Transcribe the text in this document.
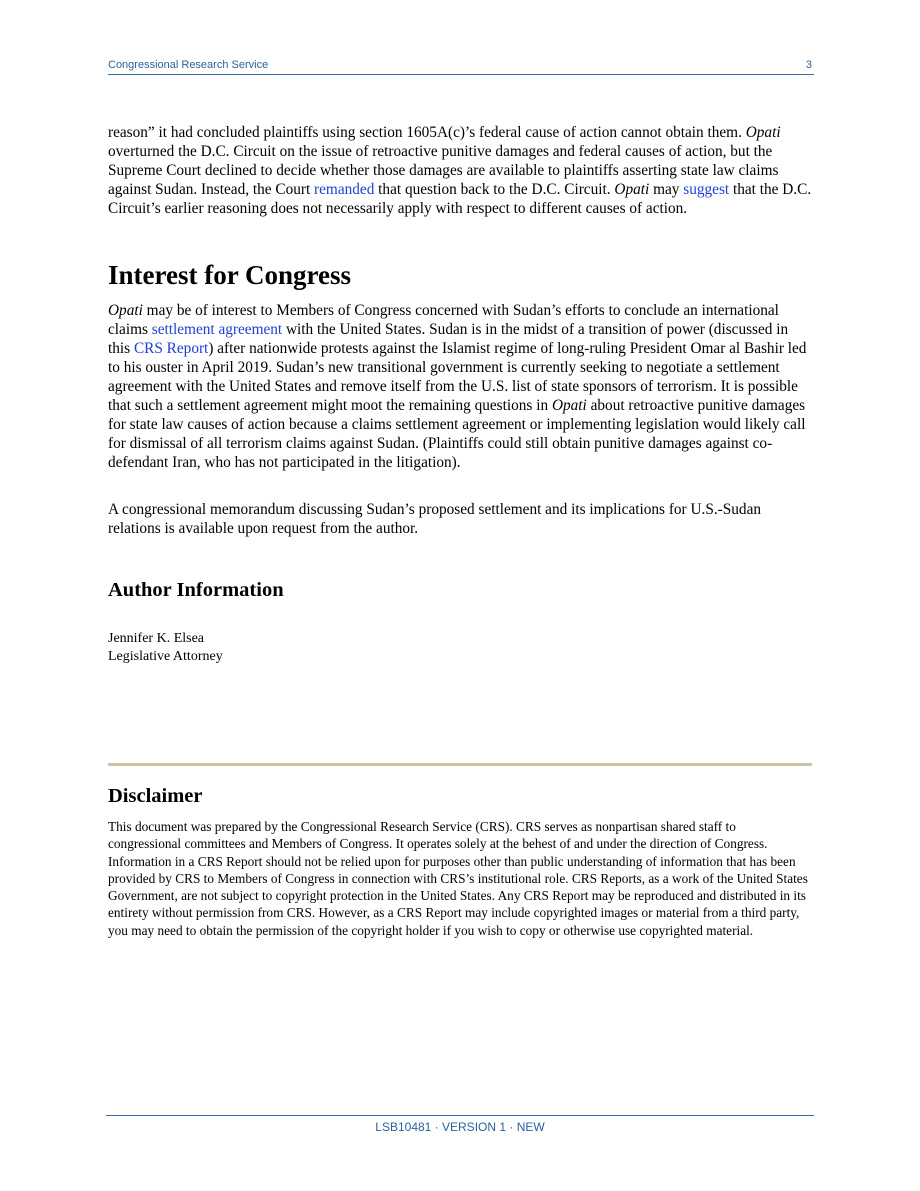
Congressional Research Service	3

reason” it had concluded plaintiffs using section 1605A(c)’s federal cause of action cannot obtain them. Opati overturned the D.C. Circuit on the issue of retroactive punitive damages and federal causes of action, but the Supreme Court declined to decide whether those damages are available to plaintiffs asserting state law claims against Sudan. Instead, the Court remanded that question back to the D.C. Circuit. Opati may suggest that the D.C. Circuit’s earlier reasoning does not necessarily apply with respect to different causes of action.

Interest for Congress

Opati may be of interest to Members of Congress concerned with Sudan’s efforts to conclude an international claims settlement agreement with the United States. Sudan is in the midst of a transition of power (discussed in this CRS Report) after nationwide protests against the Islamist regime of long-ruling President Omar al Bashir led to his ouster in April 2019. Sudan’s new transitional government is currently seeking to negotiate a settlement agreement with the United States and remove itself from the U.S. list of state sponsors of terrorism. It is possible that such a settlement agreement might moot the remaining questions in Opati about retroactive punitive damages for state law causes of action because a claims settlement agreement or implementing legislation would likely call for dismissal of all terrorism claims against Sudan. (Plaintiffs could still obtain punitive damages against co-defendant Iran, who has not participated in the litigation).

A congressional memorandum discussing Sudan’s proposed settlement and its implications for U.S.-Sudan relations is available upon request from the author.

Author Information
Jennifer K. Elsea
Legislative Attorney
Disclaimer

This document was prepared by the Congressional Research Service (CRS). CRS serves as nonpartisan shared staff to congressional committees and Members of Congress. It operates solely at the behest of and under the direction of Congress. Information in a CRS Report should not be relied upon for purposes other than public understanding of information that has been provided by CRS to Members of Congress in connection with CRS’s institutional role. CRS Reports, as a work of the United States Government, are not subject to copyright protection in the United States. Any CRS Report may be reproduced and distributed in its entirety without permission from CRS. However, as a CRS Report may include copyrighted images or material from a third party, you may need to obtain the permission of the copyright holder if you wish to copy or otherwise use copyrighted material.

LSB10481 · VERSION 1 · NEW
